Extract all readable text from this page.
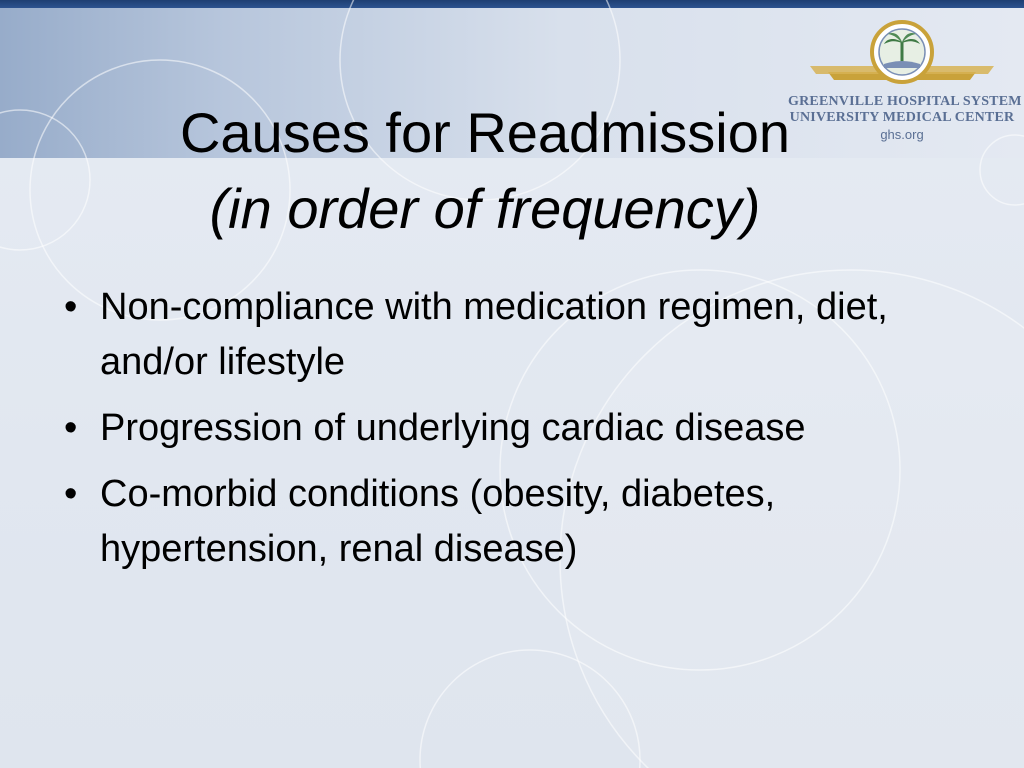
GREENVILLE HOSPITAL SYSTEM
UNIVERSITY MEDICAL CENTER
ghs.org
Causes for Readmission
(in order of frequency)
• Non-compliance with medication regimen, diet, and/or lifestyle
• Progression of underlying cardiac disease
• Co-morbid conditions (obesity, diabetes, hypertension, renal disease)
